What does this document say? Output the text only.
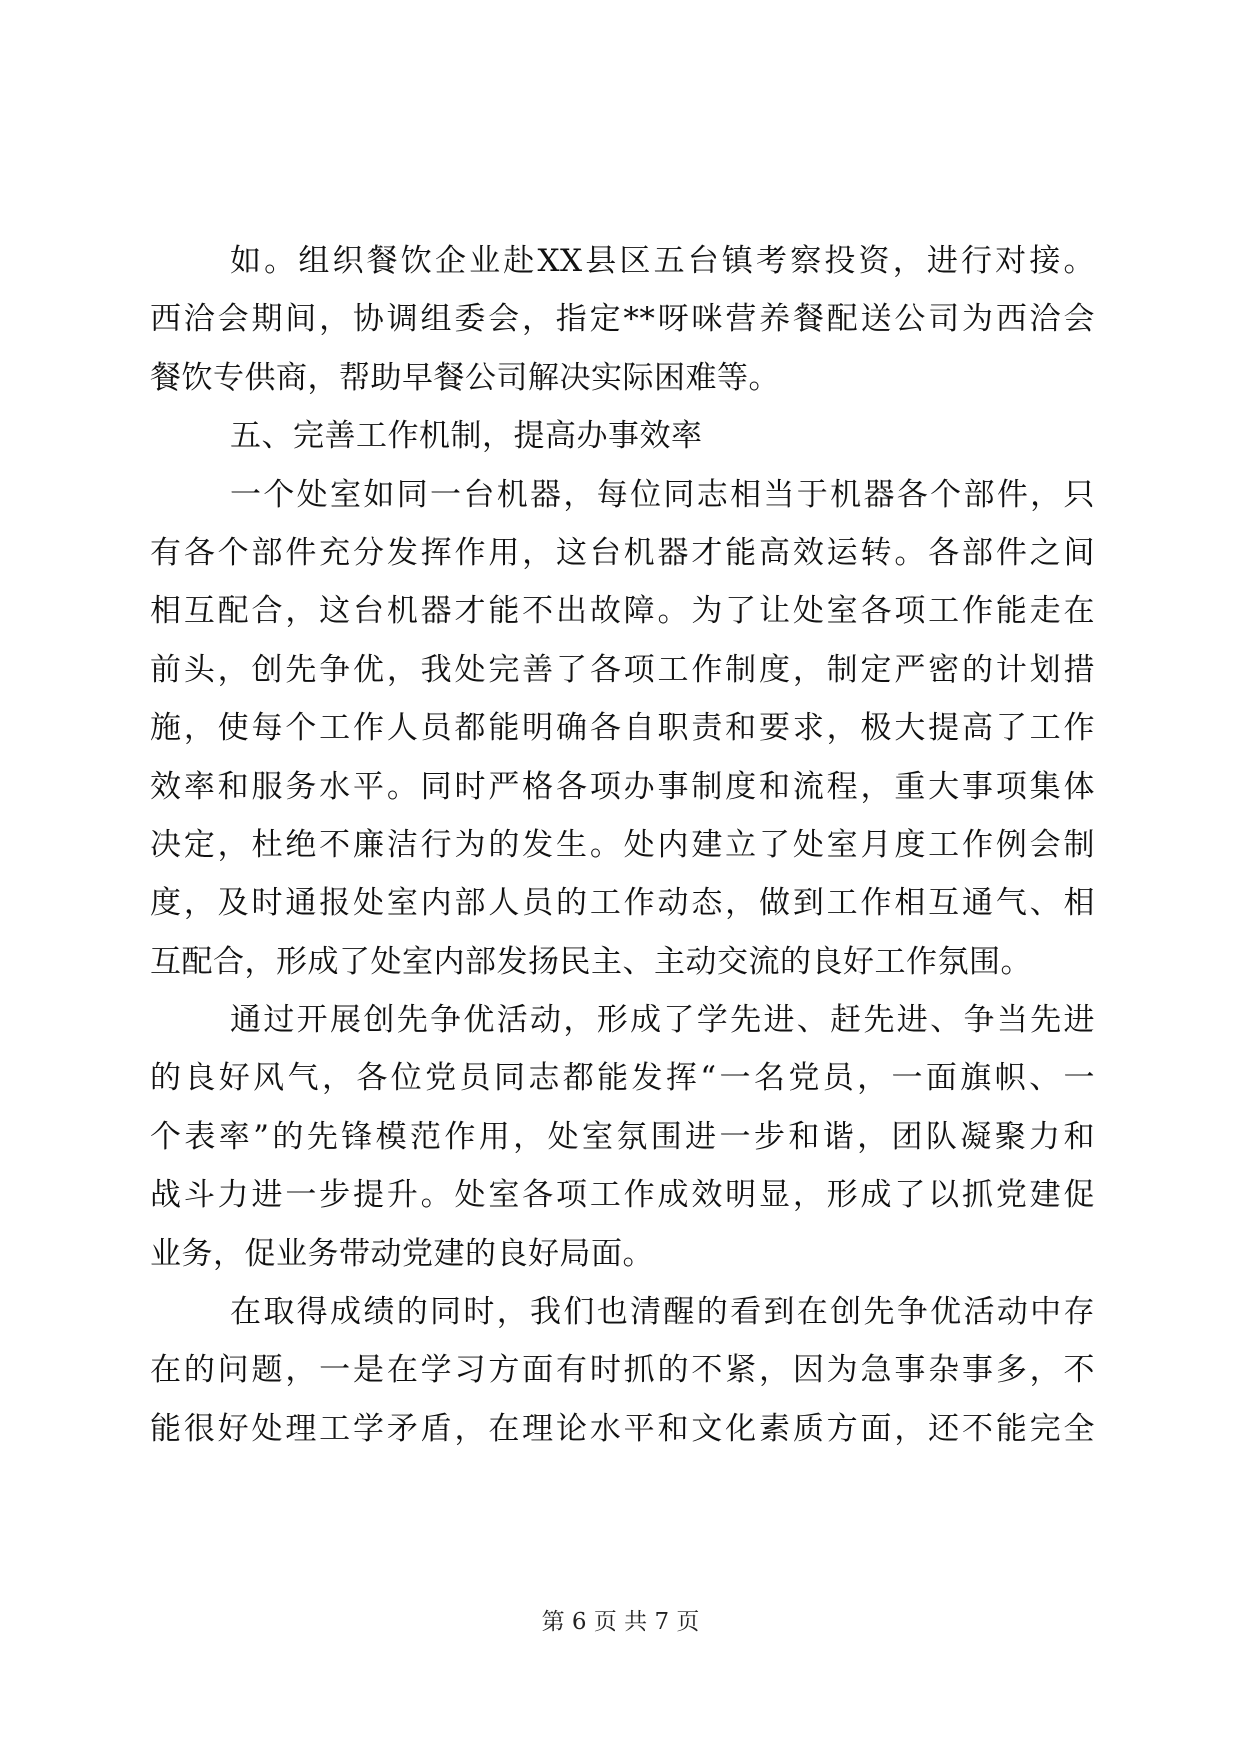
如。组织餐饮企业赴XX县区五台镇考察投资，进行对接。
西洽会期间，协调组委会，指定**呀咪营养餐配送公司为西洽会
餐饮专供商，帮助早餐公司解决实际困难等。
五、完善工作机制，提高办事效率
一个处室如同一台机器，每位同志相当于机器各个部件，只
有各个部件充分发挥作用，这台机器才能高效运转。各部件之间
相互配合，这台机器才能不出故障。为了让处室各项工作能走在
前头，创先争优，我处完善了各项工作制度，制定严密的计划措
施，使每个工作人员都能明确各自职责和要求，极大提高了工作
效率和服务水平。同时严格各项办事制度和流程，重大事项集体
决定，杜绝不廉洁行为的发生。处内建立了处室月度工作例会制
度，及时通报处室内部人员的工作动态，做到工作相互通气、相
互配合，形成了处室内部发扬民主、主动交流的良好工作氛围。
通过开展创先争优活动，形成了学先进、赶先进、争当先进
的良好风气，各位党员同志都能发挥“一名党员，一面旗帜、一
个表率”的先锋模范作用，处室氛围进一步和谐，团队凝聚力和
战斗力进一步提升。处室各项工作成效明显，形成了以抓党建促
业务，促业务带动党建的良好局面。
在取得成绩的同时，我们也清醒的看到在创先争优活动中存
在的问题，一是在学习方面有时抓的不紧，因为急事杂事多，不
能很好处理工学矛盾，在理论水平和文化素质方面，还不能完全
第 6 页 共 7 页
